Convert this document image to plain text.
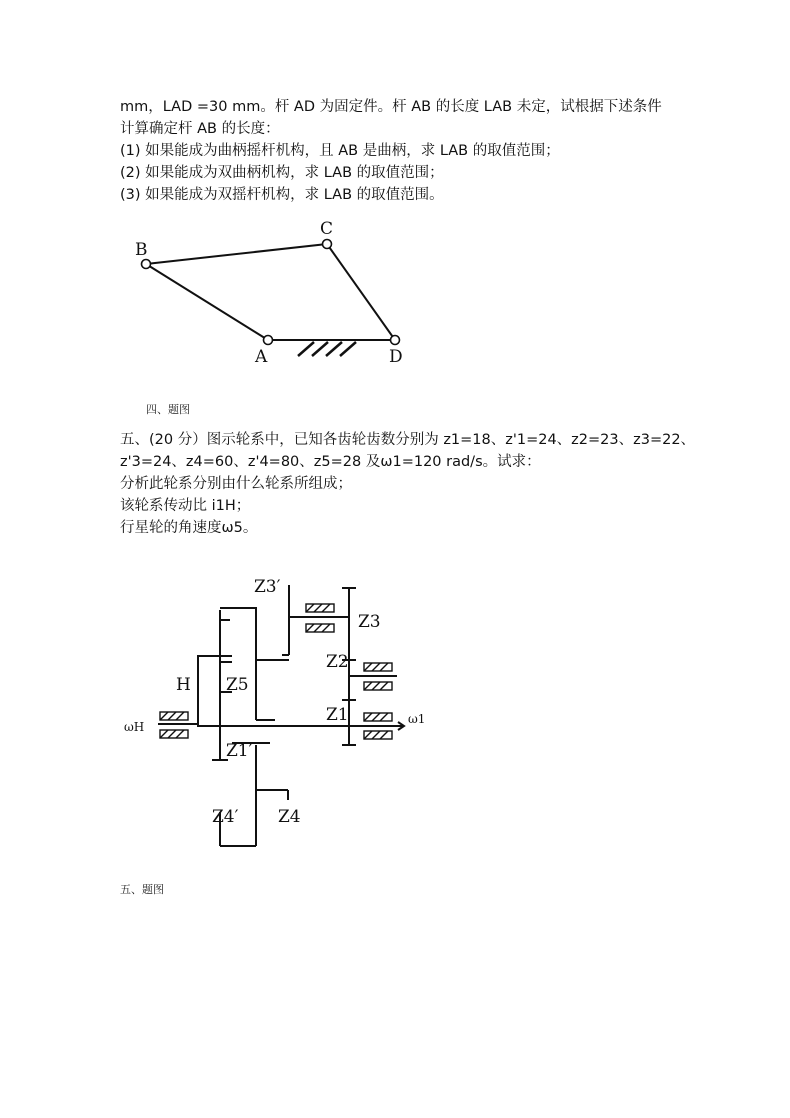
mm，LAD =30 mm。杆 AD 为固定件。杆 AB 的长度 LAB 未定，试根据下述条件
计算确定杆 AB 的长度：
(1) 如果能成为曲柄摇杆机构，且 AB 是曲柄，求 LAB 的取值范围；
(2) 如果能成为双曲柄机构，求 LAB 的取值范围；
(3) 如果能成为双摇杆机构，求 LAB 的取值范围。
B
C
A	D
四、题图
五、(20 分）图示轮系中，已知各齿轮齿数分别为 z1=18、z'1=24、z2=23、z3=22、
z'3=24、z4=60、z'4=80、z5=28 及ω1=120 rad/s。试求：
分析此轮系分别由什么轮系所组成；
该轮系传动比 i1H；
行星轮的角速度ω5。
Z3′
Z3
Z2
Z5
H
Z1
Z1′
Z4′ Z4
ωH
ω1
五、题图
